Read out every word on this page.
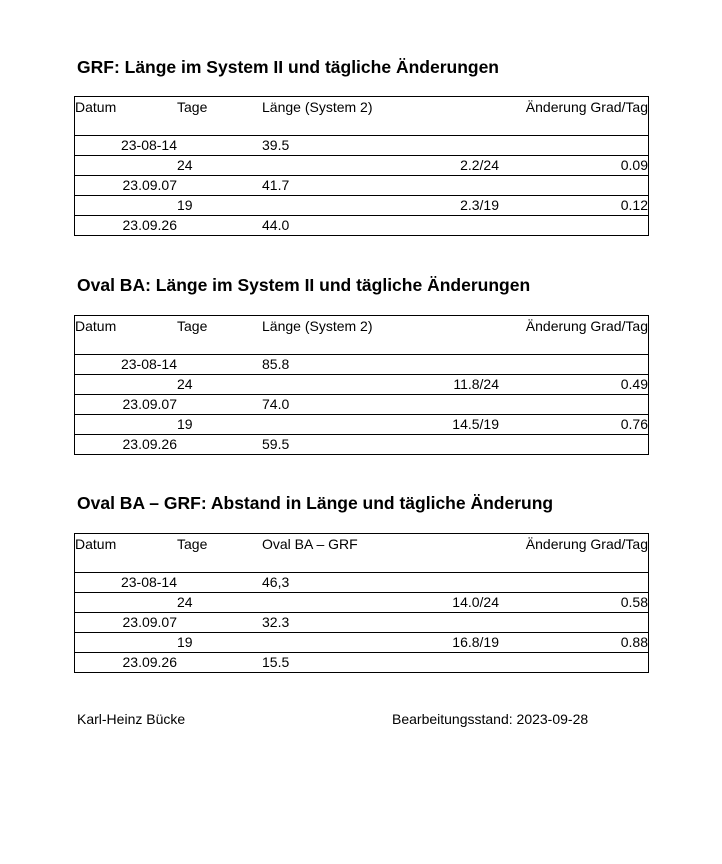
GRF: Länge im System II und tägliche Änderungen
Datum	Tage	Länge (System 2)		Änderung Grad/Tag
23-08-14		39.5		
	24		2.2/24	0.09
23.09.07		41.7		
	19		2.3/19	0.12
23.09.26		44.0		
Oval BA: Länge im System II und tägliche Änderungen
Datum	Tage	Länge (System 2)		Änderung Grad/Tag
23-08-14		85.8		
	24		11.8/24	0.49
23.09.07		74.0		
	19		14.5/19	0.76
23.09.26		59.5		
Oval BA – GRF: Abstand in Länge und tägliche Änderung
Datum	Tage	Oval BA – GRF		Änderung Grad/Tag
23-08-14		46,3		
	24		14.0/24	0.58
23.09.07		32.3		
	19		16.8/19	0.88
23.09.26		15.5		
Karl-Heinz Bücke	Bearbeitungsstand: 2023-09-28
